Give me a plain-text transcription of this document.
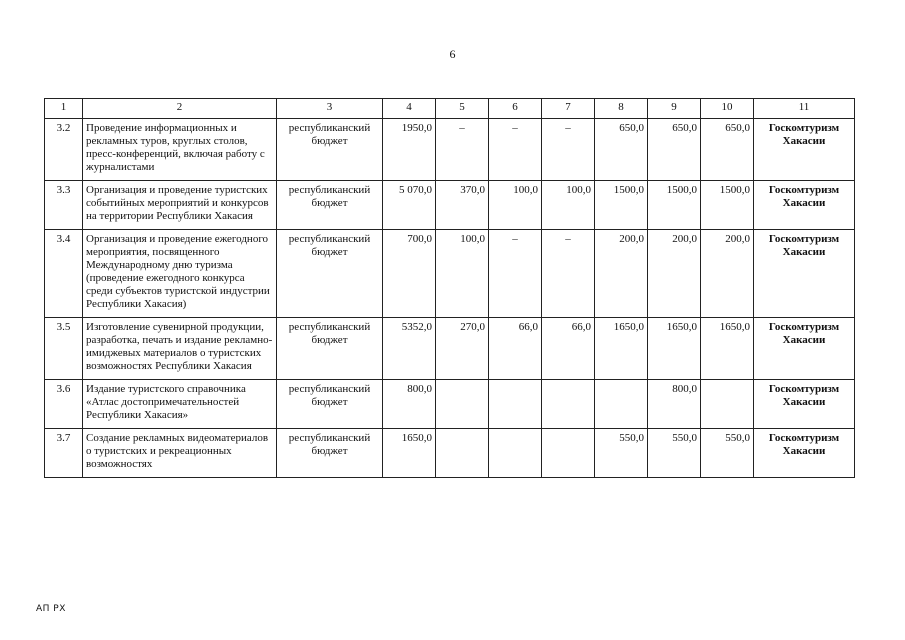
6
1	2	3	4	5	6	7	8	9	10	11
3.2	Проведение информационных и рекламных туров, круглых столов, пресс-конференций, включая работу с журналистами	республиканский бюджет	1950,0	–	–	–	650,0	650,0	650,0	Госкомтуризм Хакасии
3.3	Организация и проведение туристских событийных мероприятий и конкурсов на территории Республики Хакасия	республиканский бюджет	5 070,0	370,0	100,0	100,0	1500,0	1500,0	1500,0	Госкомтуризм Хакасии
3.4	Организация и проведение ежегодного мероприятия, посвященного Международному дню туризма (проведение ежегодного конкурса среди субъектов туристской индустрии Республики Хакасия)	республиканский бюджет	700,0	100,0	–	–	200,0	200,0	200,0	Госкомтуризм Хакасии
3.5	Изготовление сувенирной продукции, разработка, печать и издание рекламно-имиджевых материалов о туристских возможностях Республики Хакасия	республиканский бюджет	5352,0	270,0	66,0	66,0	1650,0	1650,0	1650,0	Госкомтуризм Хакасии
3.6	Издание туристского справочника «Атлас достопримечательностей Республики Хакасия»	республиканский бюджет	800,0					800,0		Госкомтуризм Хакасии
3.7	Создание рекламных видеоматериалов о туристских и рекреационных возможностях	республиканский бюджет	1650,0				550,0	550,0	550,0	Госкомтуризм Хакасии
АП РХ
